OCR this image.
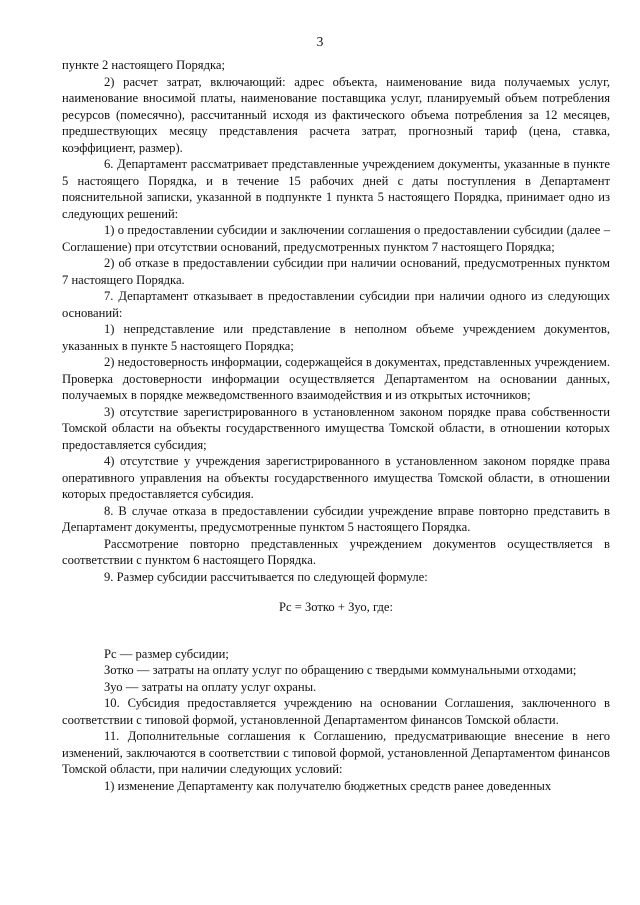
3

пункте 2 настоящего Порядка;

2) расчет затрат, включающий: адрес объекта, наименование вида получаемых услуг, наименование вносимой платы, наименование поставщика услуг, планируемый объем потребления ресурсов (помесячно), рассчитанный исходя из фактического объема потребления за 12 месяцев, предшествующих месяцу представления расчета затрат, прогнозный тариф (цена, ставка, коэффициент, размер).

6. Департамент рассматривает представленные учреждением документы, указанные в пункте 5 настоящего Порядка, и в течение 15 рабочих дней с даты поступления в Департамент пояснительной записки, указанной в подпункте 1 пункта 5 настоящего Порядка, принимает одно из следующих решений:

1) о предоставлении субсидии и заключении соглашения о предоставлении субсидии (далее – Соглашение) при отсутствии оснований, предусмотренных пунктом 7 настоящего Порядка;

2) об отказе в предоставлении субсидии при наличии оснований, предусмотренных пунктом 7 настоящего Порядка.

7. Департамент отказывает в предоставлении субсидии при наличии одного из следующих оснований:

1) непредставление или представление в неполном объеме учреждением документов, указанных в пункте 5 настоящего Порядка;

2) недостоверность информации, содержащейся в документах, представленных учреждением. Проверка достоверности информации осуществляется Департаментом на основании данных, получаемых в порядке межведомственного взаимодействия и из открытых источников;

3) отсутствие зарегистрированного в установленном законом порядке права собственности Томской области на объекты государственного имущества Томской области, в отношении которых предоставляется субсидия;

4) отсутствие у учреждения зарегистрированного в установленном законом порядке права оперативного управления на объекты государственного имущества Томской области, в отношении которых предоставляется субсидия.

8. В случае отказа в предоставлении субсидии учреждение вправе повторно представить в Департамент документы, предусмотренные пунктом 5 настоящего Порядка.

Рассмотрение повторно представленных учреждением документов осуществляется в соответствии с пунктом 6 настоящего Порядка.

9. Размер субсидии рассчитывается по следующей формуле:

Рс = Зотко + Зуо, где:

Рс — размер субсидии;

Зотко — затраты на оплату услуг по обращению с твердыми коммунальными отходами;

Зуо — затраты на оплату услуг охраны.

10. Субсидия предоставляется учреждению на основании Соглашения, заключенного в соответствии с типовой формой, установленной Департаментом финансов Томской области.

11. Дополнительные соглашения к Соглашению, предусматривающие внесение в него изменений, заключаются в соответствии с типовой формой, установленной Департаментом финансов Томской области, при наличии следующих условий:

1) изменение Департаменту как получателю бюджетных средств ранее доведенных
